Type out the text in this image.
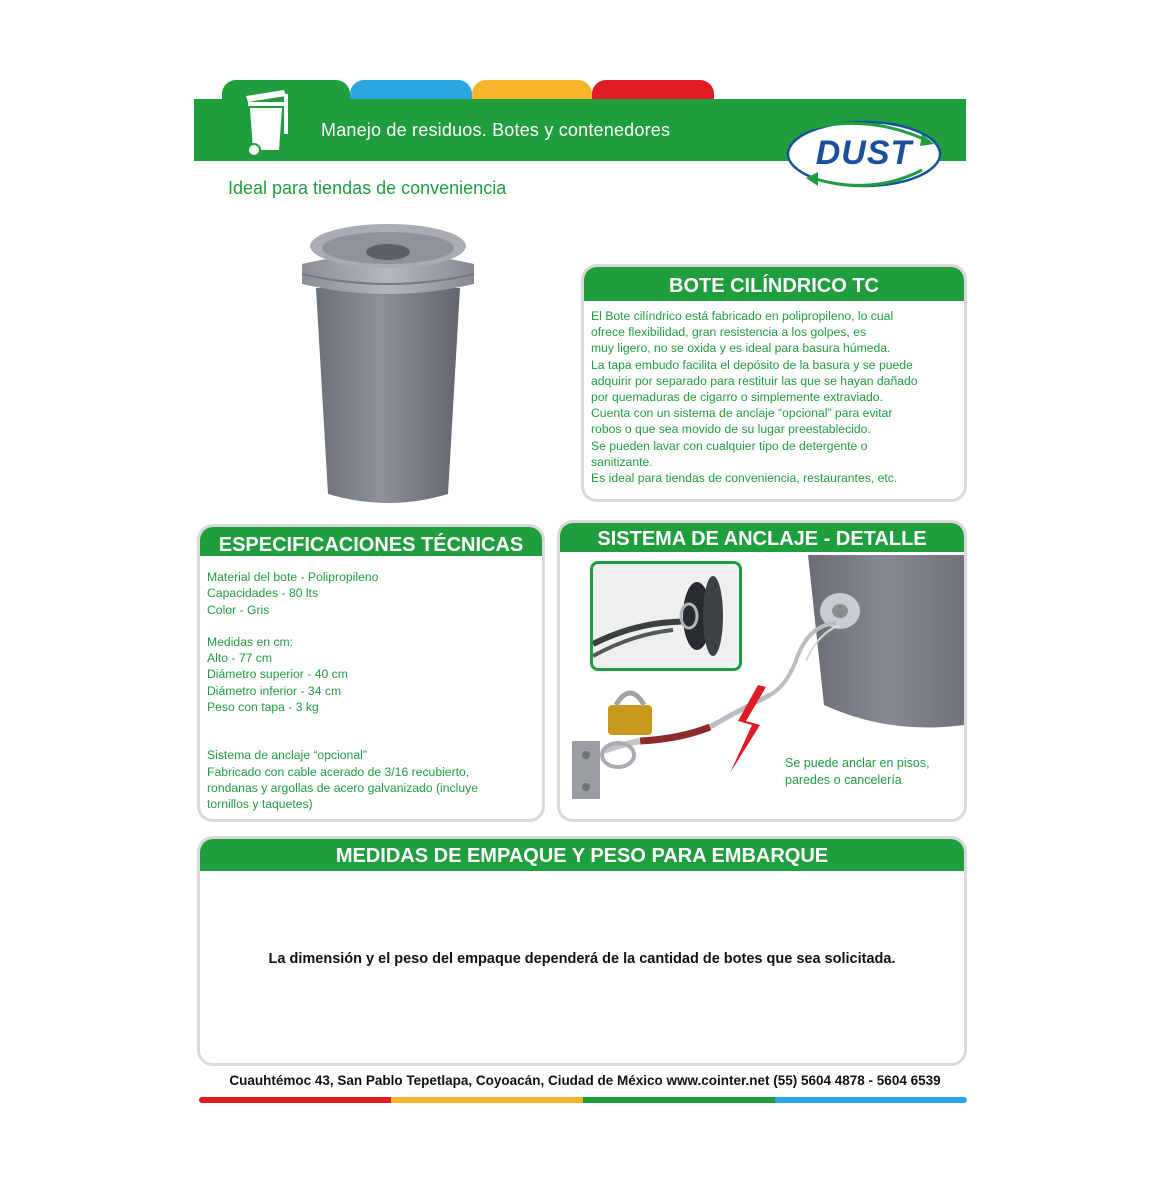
Manejo de residuos. Botes y contenedores
DUST
Ideal para tiendas de conveniencia
BOTE CILÍNDRICO TC
El Bote cilíndrico está fabricado en polipropileno, lo cual
ofrece flexibilidad, gran resistencia a los golpes, es
muy ligero, no se oxida y es ideal para basura húmeda.
La tapa embudo facilita el depósito de la basura y se puede
adquirir por separado para restituir las que se hayan dañado
por quemaduras de cigarro o simplemente extraviado.
Cuenta con un sistema de anclaje “opcional” para evitar
robos o que sea movido de su lugar preestablecido.
Se pueden lavar con cualquier tipo de detergente o
sanitizante.
Es ideal para tiendas de conveniencia, restaurantes, etc.
ESPECIFICACIONES TÉCNICAS
Material del bote - Polipropileno
Capacidades - 80 lts
Color - Gris
Medidas en cm:
Alto - 77 cm
Diámetro superior - 40 cm
Diámetro inferior - 34 cm
Peso con tapa - 3 kg
Sistema de anclaje “opcional”
Fabricado con cable acerado de 3/16 recubierto,
rondanas y argollas de acero galvanizado (incluye
tornillos y taquetes)
SISTEMA DE ANCLAJE - DETALLE
Se puede anclar en pisos,
paredes o cancelería
MEDIDAS DE EMPAQUE Y PESO PARA EMBARQUE
La dimensión y el peso del empaque dependerá de la cantidad de botes que sea solicitada.
Cuauhtémoc 43, San Pablo Tepetlapa, Coyoacán, Ciudad de México www.cointer.net (55) 5604 4878 - 5604 6539
